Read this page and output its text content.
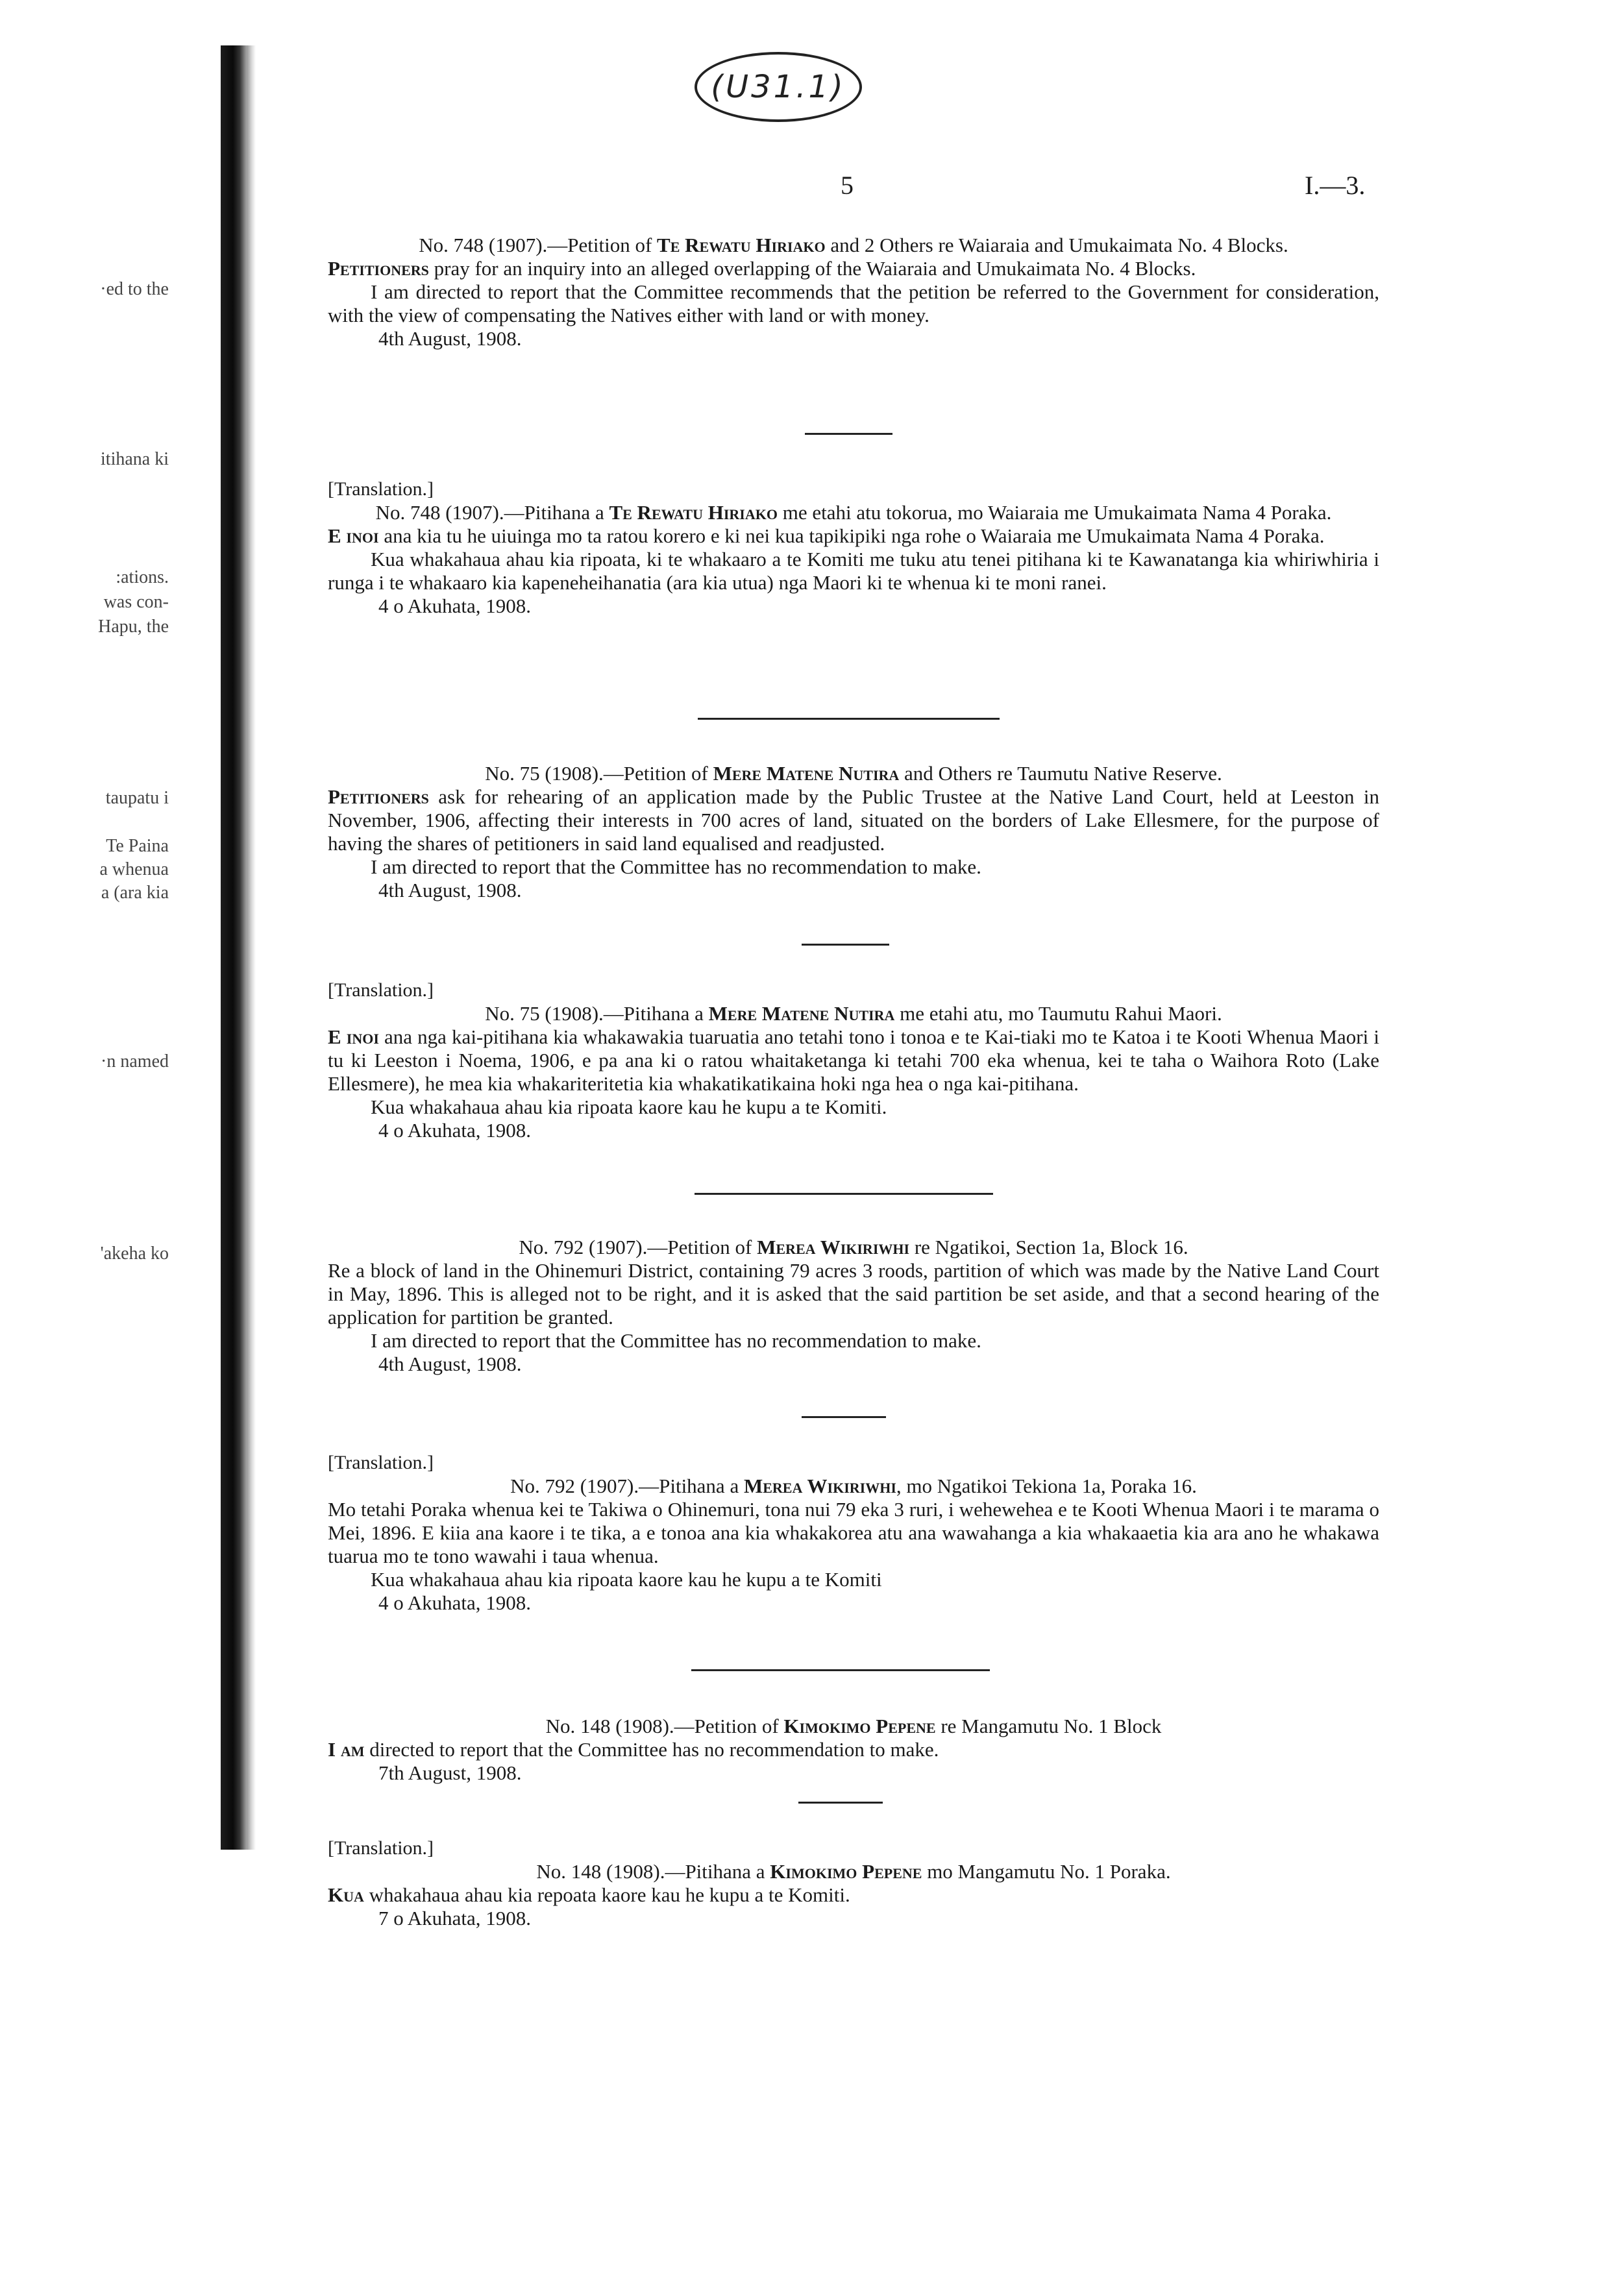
·ed to the
itihana ki
:ations.
was con-
Hapu, the
taupatu i
Te Paina
a whenua
a (ara kia
·n named
'akeha ko
(U31.1)
5	I.—3.

No. 748 (1907).—Petition of Te Rewatu Hiriako and 2 Others re Waiaraia and Umukaimata No. 4 Blocks.

Petitioners pray for an inquiry into an alleged overlapping of the Waiaraia and Umukaimata No. 4 Blocks.

I am directed to report that the Committee recommends that the petition be referred to the Government for consideration, with the view of compensating the Natives either with land or with money.

4th August, 1908.

[Translation.]

No. 748 (1907).—Pitihana a Te Rewatu Hiriako me etahi atu tokorua, mo Waiaraia me Umukaimata Nama 4 Poraka.

E inoi ana kia tu he uiuinga mo ta ratou korero e ki nei kua tapikipiki nga rohe o Waiaraia me Umukaimata Nama 4 Poraka.

Kua whakahaua ahau kia ripoata, ki te whakaaro a te Komiti me tuku atu tenei pitihana ki te Kawanatanga kia whiriwhiria i runga i te whakaaro kia kapeneheihanatia (ara kia utua) nga Maori ki te whenua ki te moni ranei.

4 o Akuhata, 1908.

No. 75 (1908).—Petition of Mere Matene Nutira and Others re Taumutu Native Reserve.

Petitioners ask for rehearing of an application made by the Public Trustee at the Native Land Court, held at Leeston in November, 1906, affecting their interests in 700 acres of land, situated on the borders of Lake Ellesmere, for the purpose of having the shares of petitioners in said land equalised and readjusted.

I am directed to report that the Committee has no recommendation to make.

4th August, 1908.

[Translation.]

No. 75 (1908).—Pitihana a Mere Matene Nutira me etahi atu, mo Taumutu Rahui Maori.

E inoi ana nga kai-pitihana kia whakawakia tuaruatia ano tetahi tono i tonoa e te Kai-tiaki mo te Katoa i te Kooti Whenua Maori i tu ki Leeston i Noema, 1906, e pa ana ki o ratou whaitaketanga ki tetahi 700 eka whenua, kei te taha o Waihora Roto (Lake Ellesmere), he mea kia whakariteritetia kia whakatikatikaina hoki nga hea o nga kai-pitihana.

Kua whakahaua ahau kia ripoata kaore kau he kupu a te Komiti.

4 o Akuhata, 1908.

No. 792 (1907).—Petition of Merea Wikiriwhi re Ngatikoi, Section 1a, Block 16.

Re a block of land in the Ohinemuri District, containing 79 acres 3 roods, partition of which was made by the Native Land Court in May, 1896. This is alleged not to be right, and it is asked that the said partition be set aside, and that a second hearing of the application for partition be granted.

I am directed to report that the Committee has no recommendation to make.

4th August, 1908.

[Translation.]

No. 792 (1907).—Pitihana a Merea Wikiriwhi, mo Ngatikoi Tekiona 1a, Poraka 16.

Mo tetahi Poraka whenua kei te Takiwa o Ohinemuri, tona nui 79 eka 3 ruri, i wehewehea e te Kooti Whenua Maori i te marama o Mei, 1896. E kiia ana kaore i te tika, a e tonoa ana kia whakakorea atu ana wawahanga a kia whakaaetia kia ara ano he whakawa tuarua mo te tono wawahi i taua whenua.

Kua whakahaua ahau kia ripoata kaore kau he kupu a te Komiti

4 o Akuhata, 1908.

No. 148 (1908).—Petition of Kimokimo Pepene re Mangamutu No. 1 Block

I am directed to report that the Committee has no recommendation to make.

7th August, 1908.

[Translation.]

No. 148 (1908).—Pitihana a Kimokimo Pepene mo Mangamutu No. 1 Poraka.

Kua whakahaua ahau kia repoata kaore kau he kupu a te Komiti.

7 o Akuhata, 1908.
